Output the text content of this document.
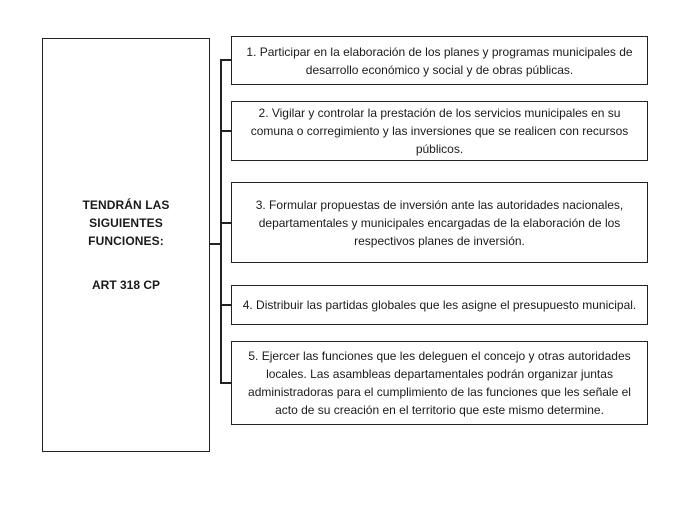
TENDRÁN LAS SIGUIENTES FUNCIONES:
ART 318 CP
1. Participar en la elaboración de los planes y programas municipales de desarrollo económico y social y de obras públicas.
2. Vigilar y controlar la prestación de los servicios municipales en su comuna o corregimiento y las inversiones que se realicen con recursos públicos.
3. Formular propuestas de inversión ante las autoridades nacionales, departamentales y municipales encargadas de la elaboración de los respectivos planes de inversión.
4. Distribuir las partidas globales que les asigne el presupuesto municipal.
5. Ejercer las funciones que les deleguen el concejo y otras autoridades locales. Las asambleas departamentales podrán organizar juntas administradoras para el cumplimiento de las funciones que les señale el acto de su creación en el territorio que este mismo determine.
